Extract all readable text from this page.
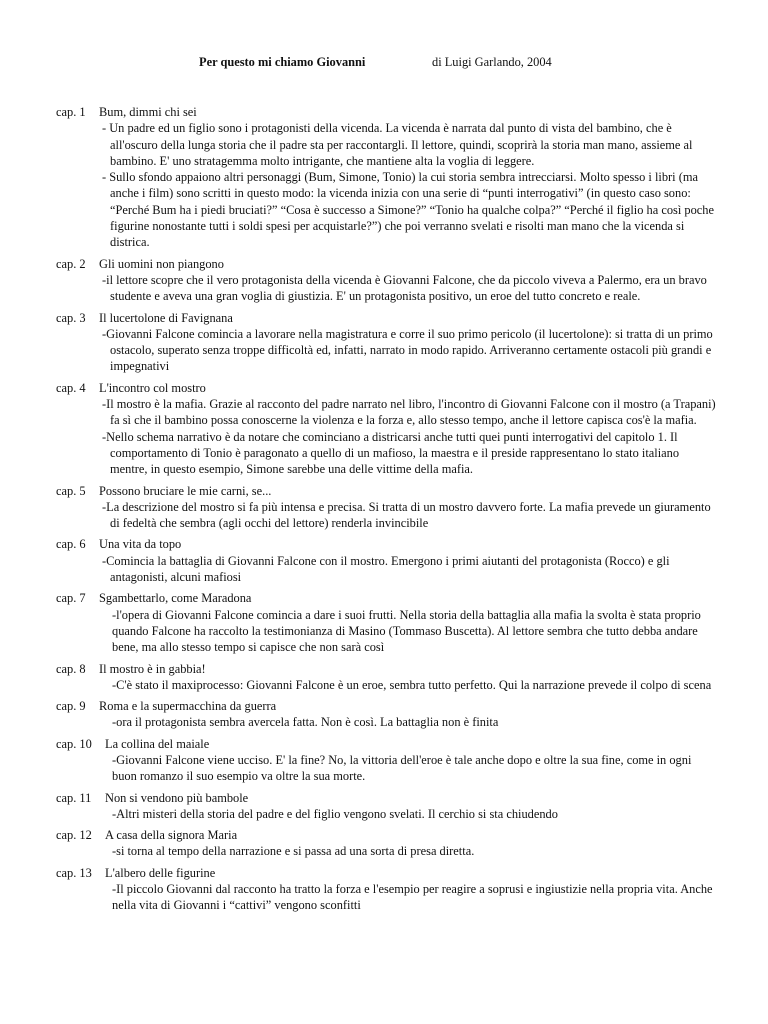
Per questo mi chiamo Giovanni	di Luigi Garlando, 2004
cap. 1	Bum, dimmi chi sei

- Un padre ed un figlio sono i protagonisti della vicenda. La vicenda è narrata dal punto di vista del bambino, che è all'oscuro della lunga storia che il padre sta per raccontargli. Il lettore, quindi, scoprirà la storia man mano, assieme al bambino. E' uno stratagemma molto intrigante, che mantiene alta la voglia di leggere.

- Sullo sfondo appaiono altri personaggi (Bum, Simone, Tonio) la cui storia sembra intrecciarsi. Molto spesso i libri (ma anche i film) sono scritti in questo modo: la vicenda inizia con una serie di “punti interrogativi” (in questo caso sono: “Perché Bum ha i piedi bruciati?” “Cosa è successo a Simone?” “Tonio ha qualche colpa?” “Perché il figlio ha così poche figurine nonostante tutti i soldi spesi per acquistarle?”) che poi verranno svelati e risolti man mano che la vicenda si districa.

cap. 2	Gli uomini non piangono

-il lettore scopre che il vero protagonista della vicenda è Giovanni Falcone, che da piccolo viveva a Palermo, era un bravo studente e aveva una gran voglia di giustizia. E' un protagonista positivo, un eroe del tutto concreto e reale.

cap. 3	Il lucertolone di Favignana

-Giovanni Falcone comincia a lavorare nella magistratura e corre il suo primo pericolo (il lucertolone): si tratta di un primo ostacolo, superato senza troppe difficoltà ed, infatti, narrato in modo rapido. Arriveranno certamente ostacoli più grandi e impegnativi

cap. 4	L'incontro col mostro

-Il mostro è la mafia. Grazie al racconto del padre narrato nel libro, l'incontro di Giovanni Falcone con il mostro (a Trapani) fa sì che il bambino possa conoscerne la violenza e la forza e, allo stesso tempo, anche il lettore capisca cos'è la mafia.

-Nello schema narrativo è da notare che cominciano a districarsi anche tutti quei punti interrogativi del capitolo 1. Il comportamento di Tonio è paragonato a quello di un mafioso, la maestra e il preside rappresentano lo stato italiano mentre, in questo esempio, Simone sarebbe una delle vittime della mafia.

cap. 5	Possono bruciare le mie carni, se...

-La descrizione del mostro si fa più intensa e precisa. Si tratta di un mostro davvero forte. La mafia prevede un giuramento di fedeltà che sembra (agli occhi del lettore) renderla invincibile

cap. 6	Una vita da topo

-Comincia la battaglia di Giovanni Falcone con il mostro. Emergono i primi aiutanti del protagonista (Rocco) e gli antagonisti, alcuni mafiosi

cap. 7	Sgambettarlo, come Maradona

-l'opera di Giovanni Falcone comincia a dare i suoi frutti. Nella storia della battaglia alla mafia la svolta è stata proprio quando Falcone ha raccolto la testimonianza di Masino (Tommaso Buscetta). Al lettore sembra che tutto debba andare bene, ma allo stesso tempo si capisce che non sarà così

cap. 8	Il mostro è in gabbia!

-C'è stato il maxiprocesso: Giovanni Falcone è un eroe, sembra tutto perfetto. Qui la narrazione prevede il colpo di scena

cap. 9	Roma e la supermacchina da guerra

-ora il protagonista sembra avercela fatta. Non è così. La battaglia non è finita

cap. 10	La collina del maiale

-Giovanni Falcone viene ucciso. E' la fine? No, la vittoria dell'eroe è tale anche dopo e oltre la sua fine, come in ogni buon romanzo il suo esempio va oltre la sua morte.

cap. 11	Non si vendono più bambole

-Altri misteri della storia del padre e del figlio vengono svelati. Il cerchio si sta chiudendo

cap. 12	A casa della signora Maria

-si torna al tempo della narrazione e si passa ad una sorta di presa diretta.

cap. 13	L'albero delle figurine

-Il piccolo Giovanni dal racconto ha tratto la forza e l'esempio per reagire a soprusi e ingiustizie nella propria vita. Anche nella vita di Giovanni i “cattivi” vengono sconfitti
